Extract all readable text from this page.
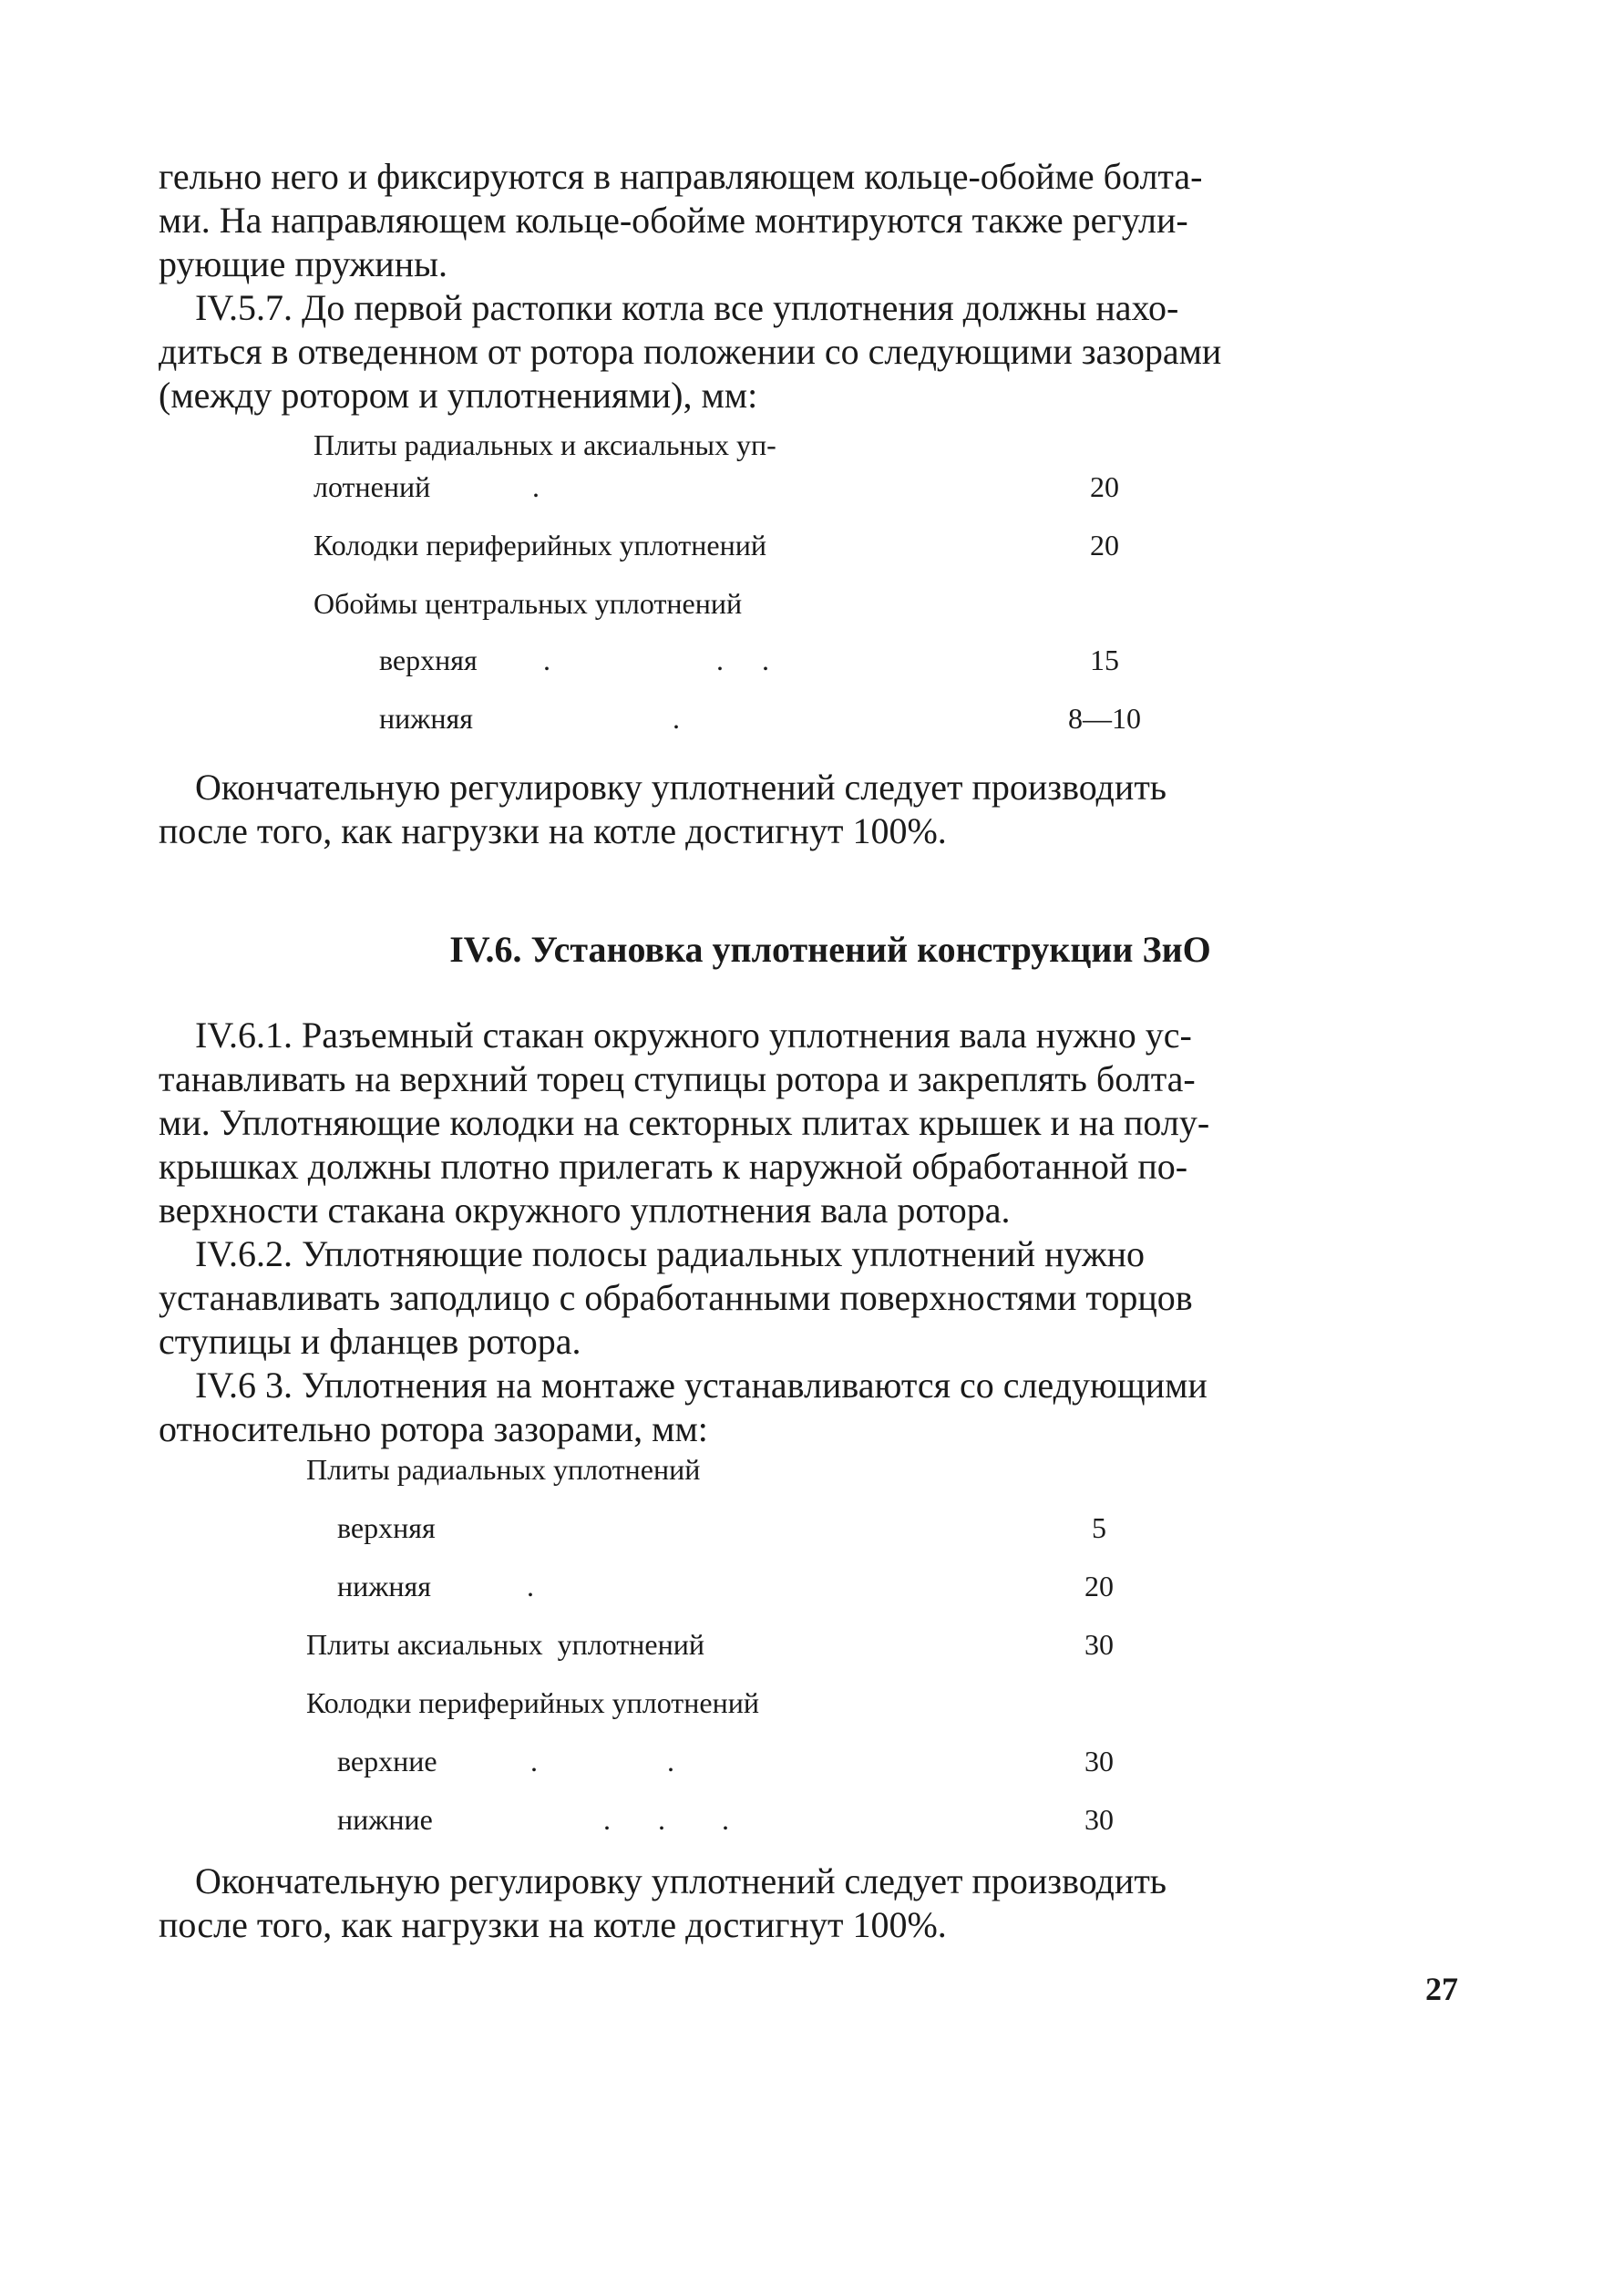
гельно него и фиксируются в направляющем кольце-обойме болта-
ми. На направляющем кольце-обойме монтируются также регули-
рующие пружины.

IV.5.7. До первой растопки котла все уплотнения должны нахо-
диться в отведенном от ротора положении со следующими зазорами
(между ротором и уплотнениями), мм:

Плиты радиальных и аксиальных уп-
лотнений	.	20
Колодки периферийных уплотнений	20
Обоймы центральных уплотнений
верхняя .                  .    .	15
нижняя	.	8—10

Окончательную регулировку уплотнений следует производить
после того, как нагрузки на котле достигнут 100%.

IV.6. Установка уплотнений конструкции ЗиО

IV.6.1. Разъемный стакан окружного уплотнения вала нужно ус-
танавливать на верхний торец ступицы ротора и закреплять болта-
ми. Уплотняющие колодки на секторных плитах крышек и на полу-
крышках должны плотно прилегать к наружной обработанной по-
верхности стакана окружного уплотнения вала ротора.
IV.6.2. Уплотняющие полосы радиальных уплотнений нужно
устанавливать заподлицо с обработанными поверхностями торцов
ступицы и фланцев ротора.
IV.6 3. Уплотнения на монтаже устанавливаются со следующими
относительно ротора зазорами, мм:

Плиты радиальных уплотнений
верхняя	5
нижняя	.	20
Плиты аксиальных  уплотнений	30
Колодки периферийных уплотнений
верхние	.              .	30
нижние	.     .      .	30

Окончательную регулировку уплотнений следует производить
после того, как нагрузки на котле достигнут 100%.

27
